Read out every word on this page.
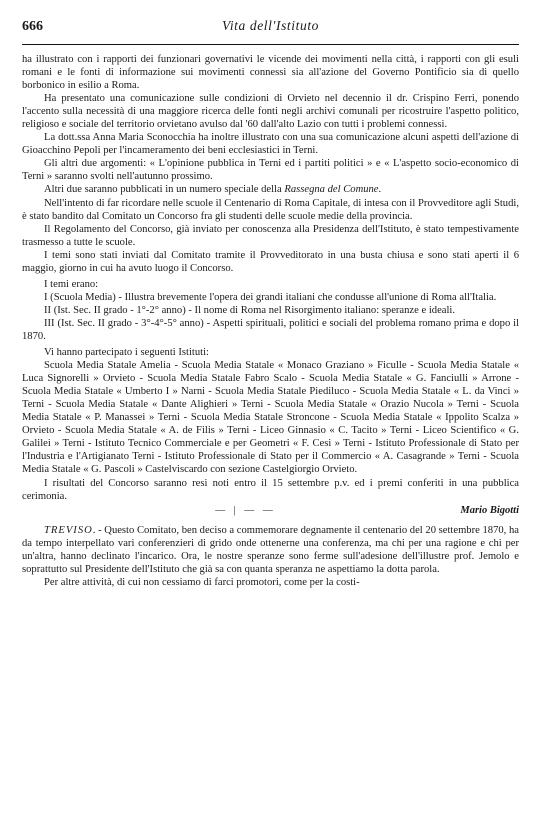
666	Vita dell'Istituto

ha illustrato con i rapporti dei funzionari governativi le vicende dei movimenti nella città, i rapporti con gli esuli romani e le fonti di informazione sui movimenti connessi sia all'azione del Governo Pontificio sia di quello borbonico in esilio a Roma.

Ha presentato una comunicazione sulle condizioni di Orvieto nel decennio il dr. Crispino Ferri, ponendo l'accento sulla necessità di una maggiore ricerca delle fonti negli archivi comunali per ricostruire l'aspetto politico, religioso e sociale del territorio orvietano avulso dal '60 dall'alto Lazio con tutti i problemi connessi.

La dott.ssa Anna Maria Sconocchia ha inoltre illustrato con una sua comunicazione alcuni aspetti dell'azione di Gioacchino Pepoli per l'incameramento dei beni ecclesiastici in Terni.

Gli altri due argomenti: « L'opinione pubblica in Terni ed i partiti politici » e « L'aspetto socio-economico di Terni » saranno svolti nell'autunno prossimo.

Altri due saranno pubblicati in un numero speciale della Rassegna del Comune.

Nell'intento di far ricordare nelle scuole il Centenario di Roma Capitale, di intesa con il Provveditore agli Studi, è stato bandito dal Comitato un Concorso fra gli studenti delle scuole medie della provincia.

Il Regolamento del Concorso, già inviato per conoscenza alla Presidenza dell'Istituto, è stato tempestivamente trasmesso a tutte le scuole.

I temi sono stati inviati dal Comitato tramite il Provveditorato in una busta chiusa e sono stati aperti il 6 maggio, giorno in cui ha avuto luogo il Concorso.

I temi erano:

I (Scuola Media) - Illustra brevemente l'opera dei grandi italiani che condusse all'unione di Roma all'Italia.

II (Ist. Sec. II grado - 1°-2° anno) - Il nome di Roma nel Risorgimento italiano: speranze e ideali.

III (Ist. Sec. II grado - 3°-4°-5° anno) - Aspetti spirituali, politici e sociali del problema romano prima e dopo il 1870.

Vi hanno partecipato i seguenti Istituti:

Scuola Media Statale Amelia - Scuola Media Statale « Monaco Graziano » Ficulle - Scuola Media Statale « Luca Signorelli » Orvieto - Scuola Media Statale Fabro Scalo - Scuola Media Statale « G. Fanciulli » Arrone - Scuola Media Statale « Umberto I » Narni - Scuola Media Statale Piediluco - Scuola Media Statale « L. da Vinci » Terni - Scuola Media Statale « Dante Alighieri » Terni - Scuola Media Statale « Orazio Nucola » Terni - Scuola Media Statale « P. Manassei » Terni - Scuola Media Statale Stroncone - Scuola Media Statale « Ippolito Scalza » Orvieto - Scuola Media Statale « A. de Filis » Terni - Liceo Ginnasio « C. Tacito » Terni - Liceo Scientifico « G. Galilei » Terni - Istituto Tecnico Commerciale e per Geometri « F. Cesi » Terni - Istituto Professionale di Stato per l'Industria e l'Artigianato Terni - Istituto Professionale di Stato per il Commercio « A. Casagrande » Terni - Scuola Media Statale « G. Pascoli » Castelviscardo con sezione Castelgiorgio Orvieto.

I risultati del Concorso saranno resi noti entro il 15 settembre p.v. ed i premi conferiti in una pubblica cerimonia.

— | — —	Mario Bigotti

TREVISO. - Questo Comitato, ben deciso a commemorare degnamente il centenario del 20 settembre 1870, ha da tempo interpellato vari conferenzieri di grido onde ottenerne una conferenza, ma chi per una ragione e chi per un'altra, hanno declinato l'incarico. Ora, le nostre speranze sono ferme sull'adesione dell'illustre prof. Jemolo e soprattutto sul Presidente dell'Istituto che già sa con quanta speranza ne aspettiamo la dotta parola.

Per altre attività, di cui non cessiamo di farci promotori, come per la costi-
